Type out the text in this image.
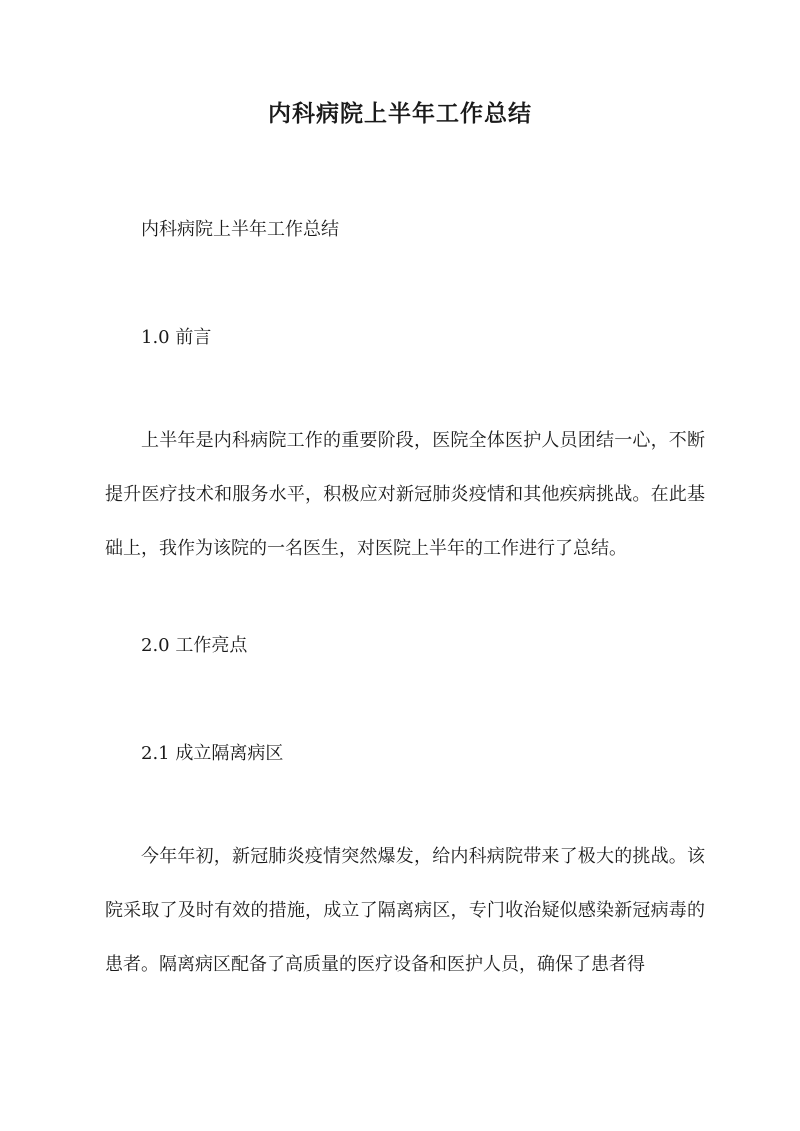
内科病院上半年工作总结

内科病院上半年工作总结

1.0 前言

上半年是内科病院工作的重要阶段，医院全体医护人员团结一心，不断提升医疗技术和服务水平，积极应对新冠肺炎疫情和其他疾病挑战。在此基础上，我作为该院的一名医生，对医院上半年的工作进行了总结。

2.0 工作亮点

2.1 成立隔离病区

今年年初，新冠肺炎疫情突然爆发，给内科病院带来了极大的挑战。该院采取了及时有效的措施，成立了隔离病区，专门收治疑似感染新冠病毒的患者。隔离病区配备了高质量的医疗设备和医护人员，确保了患者得
